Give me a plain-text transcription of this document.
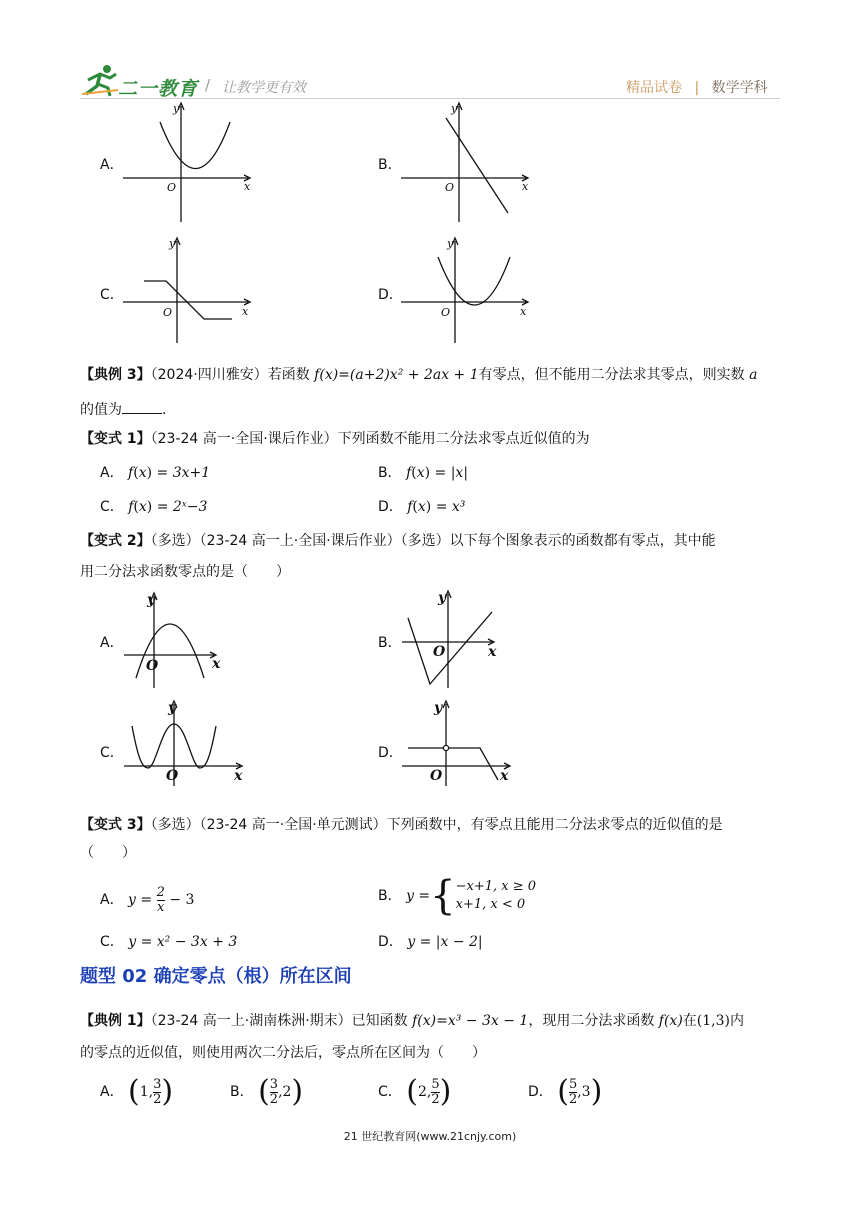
二一教育 / 让教学更有效	精品试卷 | 数学学科
A．
y
x
O
B．
y
x
O
C．
y
x
O
D．
y
x
O
【典例 3】（2024·四川雅安）若函数 f(x)=(a+2)x² + 2ax + 1有零点，但不能用二分法求其零点，则实数 a
的值为	.
【变式 1】（23-24 高一·全国·课后作业）下列函数不能用二分法求零点近似值的为
A． f(x) = 3x+1	B． f(x) = |x|
C． f(x) = 2ˣ−3	D． f(x) = x³
【变式 2】（多选）（23-24 高一上·全国·课后作业）（多选）以下每个图象表示的函数都有零点，其中能
用二分法求函数零点的是（　　）
A．
y
x
O
B．
y
x
O
C．
y
x
O
D．
y
x
O
【变式 3】（多选）（23-24 高一·全国·单元测试）下列函数中，有零点且能用二分法求零点的近似值的是
（　　）
A．
y =
$\frac{2}{x}$
− 3	B．
y = { −x+1, x ≥ 0
x+1, x < 0
C． y = x² − 3x + 3	D． y = |x − 2|
题型 02 确定零点（根）所在区间
【典例 1】（23-24 高一上·湖南株洲·期末）已知函数 f(x)=x³ − 3x − 1，现用二分法求函数 f(x)在(1,3)内
的零点的近似值，则使用两次二分法后，零点所在区间为（　　）
A．
( 1, $\frac{3}{2}$ )	B．
( $\frac{3}{2} ,2$ )	C．
( 2, $\frac{5}{2}$ )	D．
( $\frac{5}{2} ,3$ )
21 世纪教育网(www.21cnjy.com)
